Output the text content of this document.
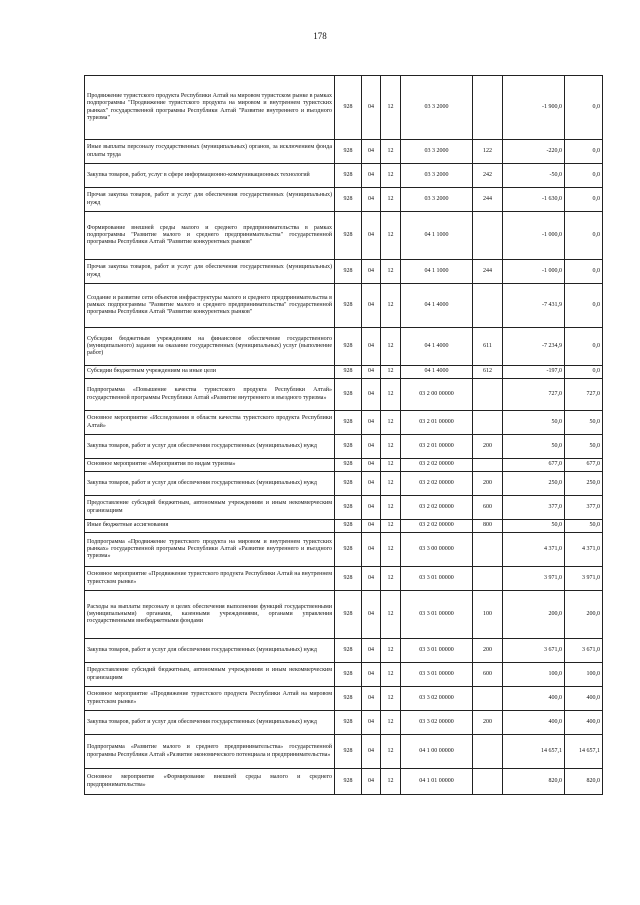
178
Продвижение туристского продукта Республики Алтай на мировом туристском рынке в рамках подпрограммы "Продвижение туристского продукта на мировом и внутреннем туристских рынках" государственной программы Республики Алтай "Развитие внутреннего и въездного туризма"	928	04	12	03 3 2000		-1 900,0	0,0
Иные выплаты персоналу государственных (муниципальных) органов, за исключением фонда оплаты труда	928	04	12	03 3 2000	122	-220,0	0,0
Закупка товаров, работ, услуг в сфере информационно-коммуникационных технологий	928	04	12	03 3 2000	242	-50,0	0,0
Прочая закупка товаров, работ и услуг для обеспечения государственных (муниципальных) нужд	928	04	12	03 3 2000	244	-1 630,0	0,0
Формирование внешней среды малого и среднего предпринимательства в рамках подпрограммы "Развитие малого и среднего предпринимательства" государственной программы Республики Алтай "Развитие конкурентных рынков"	928	04	12	04 1 1000		-1 000,0	0,0
Прочая закупка товаров, работ и услуг для обеспечения государственных (муниципальных) нужд	928	04	12	04 1 1000	244	-1 000,0	0,0
Создание и развитие сети объектов инфраструктуры малого и среднего предпринимательства в рамках подпрограммы "Развитие малого и среднего предпринимательства" государственной программы Республики Алтай "Развитие конкурентных рынков"	928	04	12	04 1 4000		-7 431,9	0,0
Субсидии бюджетным учреждениям на финансовое обеспечение государственного (муниципального) задания на оказание государственных (муниципальных) услуг (выполнение работ)	928	04	12	04 1 4000	611	-7 234,9	0,0
Субсидии бюджетным учреждениям на иные цели	928	04	12	04 1 4000	612	-197,0	0,0
Подпрограмма «Повышение качества туристского продукта Республики Алтай» государственной программы Республики Алтай «Развитие внутреннего и въездного туризма»	928	04	12	03 2 00 00000		727,0	727,0
Основное мероприятие «Исследования в области качества туристского продукта Республики Алтай»	928	04	12	03 2 01 00000		50,0	50,0
Закупка товаров, работ и услуг для обеспечения государственных (муниципальных) нужд	928	04	12	03 2 01 00000	200	50,0	50,0
Основное мероприятие «Мероприятия по видам туризма»	928	04	12	03 2 02 00000		677,0	677,0
Закупка товаров, работ и услуг для обеспечения государственных (муниципальных) нужд	928	04	12	03 2 02 00000	200	250,0	250,0
Предоставление субсидий бюджетным, автономным учреждениям и иным некоммерческим организациям	928	04	12	03 2 02 00000	600	377,0	377,0
Иные бюджетные ассигнования	928	04	12	03 2 02 00000	800	50,0	50,0
Подпрограмма «Продвижение туристского продукта на мировом и внутреннем туристских рынках» государственной программы Республики Алтай «Развитие внутреннего и въездного туризма»	928	04	12	03 3 00 00000		4 371,0	4 371,0
Основное мероприятие «Продвижение туристского продукта Республики Алтай на внутреннем туристском рынке»	928	04	12	03 3 01 00000		3 971,0	3 971,0
Расходы на выплаты персоналу в целях обеспечения выполнения функций государственными (муниципальными) органами, казенными учреждениями, органами управления государственными внебюджетными фондами	928	04	12	03 3 01 00000	100	200,0	200,0
Закупка товаров, работ и услуг для обеспечения государственных (муниципальных) нужд	928	04	12	03 3 01 00000	200	3 671,0	3 671,0
Предоставление субсидий бюджетным, автономным учреждениям и иным некоммерческим организациям	928	04	12	03 3 01 00000	600	100,0	100,0
Основное мероприятие «Продвижение туристского продукта Республики Алтай на мировом туристском рынке»	928	04	12	03 3 02 00000		400,0	400,0
Закупка товаров, работ и услуг для обеспечения государственных (муниципальных) нужд	928	04	12	03 3 02 00000	200	400,0	400,0
Подпрограмма «Развитие малого и среднего предпринимательства» государственной программы Республики Алтай «Развитие экономического потенциала и предпринимательства»	928	04	12	04 1 00 00000		14 657,1	14 657,1
Основное мероприятие «Формирование внешней среды малого и среднего предпринимательства»	928	04	12	04 1 01 00000		820,0	820,0
